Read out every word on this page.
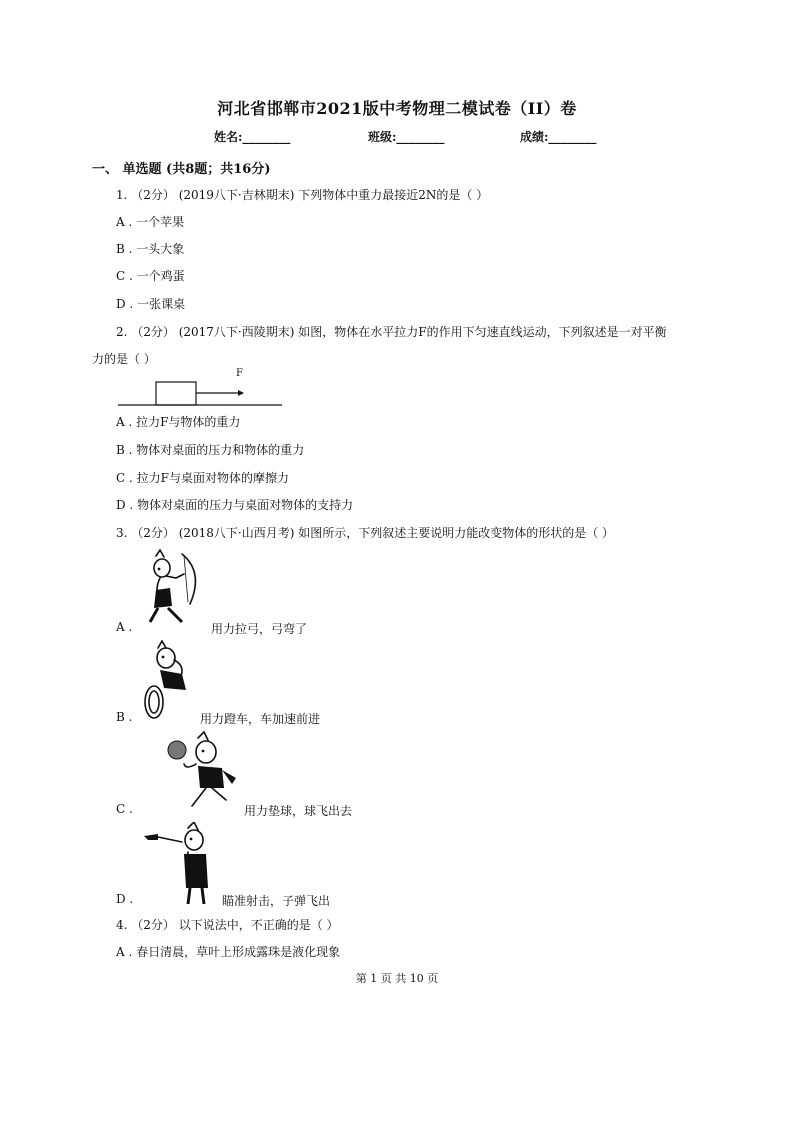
河北省邯郸市2021版中考物理二模试卷（II）卷
姓名:________	班级:________	成绩:________
一、 单选题 (共8题；共16分)
1. （2分） (2019八下·吉林期末) 下列物体中重力最接近2N的是（ ）
A . 一个苹果
B . 一头大象
C . 一个鸡蛋
D . 一张课桌
2. （2分） (2017八下·西陵期末) 如图，物体在水平拉力F的作用下匀速直线运动，下列叙述是一对平衡
力的是（ ）
F
A . 拉力F与物体的重力
B . 物体对桌面的压力和物体的重力
C . 拉力F与桌面对物体的摩擦力
D . 物体对桌面的压力与桌面对物体的支持力
3. （2分） (2018八下·山西月考) 如图所示，下列叙述主要说明力能改变物体的形状的是（ ）
A .	用力拉弓，弓弯了
B .	用力蹬车，车加速前进
C .	用力垫球，球飞出去
D .	瞄准射击，子弹飞出
4. （2分） 以下说法中，不正确的是（ ）
A . 春日清晨，草叶上形成露珠是液化现象
第 1 页 共 10 页
